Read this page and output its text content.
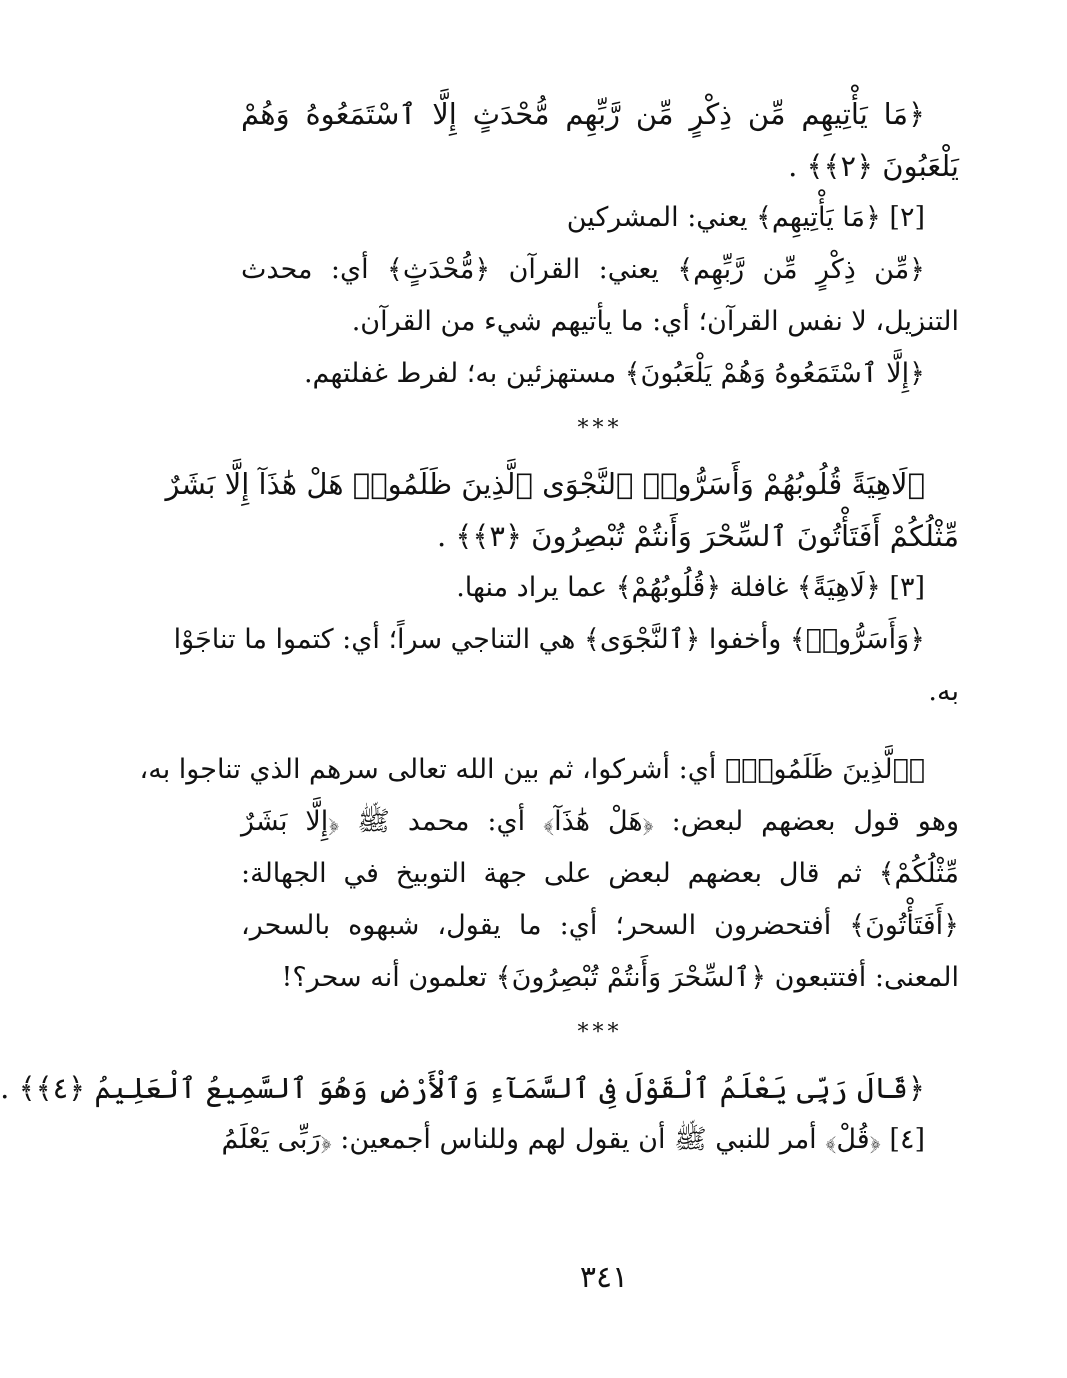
﴿مَا يَأْتِيهِم مِّن ذِكْرٍ مِّن رَّبِّهِم مُّحْدَثٍ إِلَّا ٱسْتَمَعُوهُ وَهُمْ

يَلْعَبُونَ ﴿٢﴾﴾ .

[٢] ﴿مَا يَأْتِيهِم﴾ يعني: المشركين

﴿مِّن ذِكْرٍ مِّن رَّبِّهِم﴾ يعني: القرآن ﴿مُّحْدَثٍ﴾ أي: محدث

التنزيل، لا نفس القرآن؛ أي: ما يأتيهم شيء من القرآن.

﴿إِلَّا ٱسْتَمَعُوهُ وَهُمْ يَلْعَبُونَ﴾ مستهزئين به؛ لفرط غفلتهم.

***

﴿لَاهِيَةً قُلُوبُهُمْ وَأَسَرُّوا۟ ٱلنَّجْوَى ٱلَّذِينَ ظَلَمُوا۟ هَلْ هَٰذَآ إِلَّا بَشَرٌ

مِّثْلُكُمْ أَفَتَأْتُونَ ٱلسِّحْرَ وَأَنتُمْ تُبْصِرُونَ ﴿٣﴾﴾ .

[٣] ﴿لَاهِيَةً﴾ غافلة ﴿قُلُوبُهُمْ﴾ عما يراد منها.

﴿وَأَسَرُّوا۟﴾ وأخفوا ﴿ٱلنَّجْوَى﴾ هي التناجي سراً؛ أي: كتموا ما تناجَوْا

به.

﴿ٱلَّذِينَ ظَلَمُوا۟﴾ أي: أشركوا، ثم بين الله تعالى سرهم الذي تناجوا به،

وهو قول بعضهم لبعض: ﴿هَلْ هَٰذَآ﴾ أي: محمد ﷺ ﴿إِلَّا بَشَرٌ

مِّثْلُكُمْ﴾ ثم قال بعضهم لبعض على جهة التوبيخ في الجهالة:

﴿أَفَتَأْتُونَ﴾ أفتحضرون السحر؛ أي: ما يقول، شبهوه بالسحر،

المعنى: أفتتبعون ﴿ٱلسِّحْرَ وَأَنتُمْ تُبْصِرُونَ﴾ تعلمون أنه سحر؟!

***

﴿قَالَ رَبِّى يَعْلَمُ ٱلْقَوْلَ فِى ٱلسَّمَآءِ وَٱلْأَرْضِ وَهُوَ ٱلسَّمِيعُ ٱلْعَلِيمُ ﴿٤﴾﴾ .

[٤] ﴿قُلْ﴾ أمر للنبي ﷺ أن يقول لهم وللناس أجمعين: ﴿رَبِّى يَعْلَمُ

٣٤١
